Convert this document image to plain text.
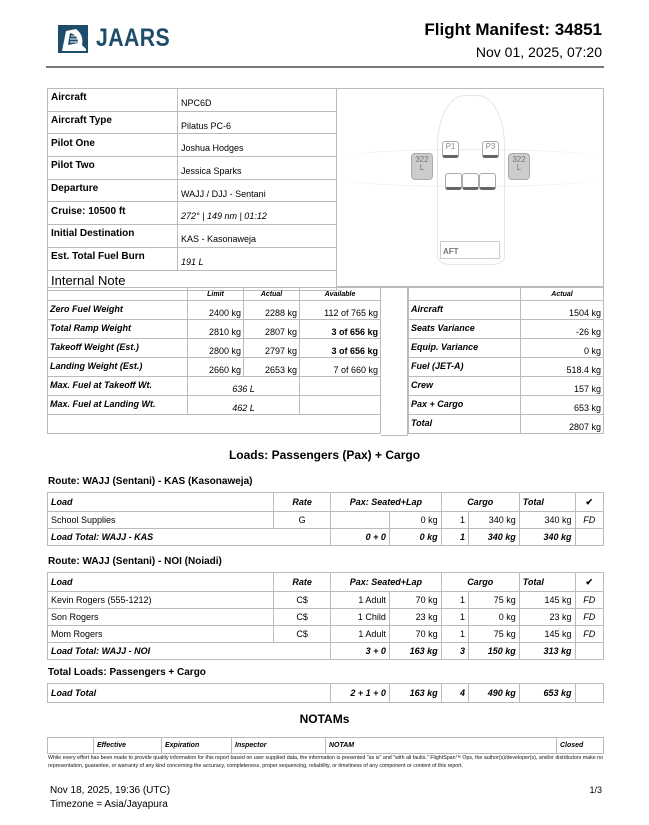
JAARS	Flight Manifest: 34851
Nov 01, 2025, 07:20
Aircraft	NPC6D
Aircraft Type	Pilatus PC-6
Pilot One	Joshua Hodges
Pilot Two	Jessica Sparks
Departure	WAJJ / DJJ - Sentani
Cruise: 10500 ft	272° | 149 nm | 01:12
Initial Destination	KAS - Kasonaweja
Est. Total Fuel Burn	191 L
Internal Note	
322
L
322
L
P1	P3
AFT
	Limit	Actual	Available
Zero Fuel Weight	2400 kg	2288 kg	112 of 765 kg
Total Ramp Weight	2810 kg	2807 kg	3 of 656 kg
Takeoff Weight (Est.)	2800 kg	2797 kg	3 of 656 kg
Landing Weight (Est.)	2660 kg	2653 kg	7 of 660 kg
Max. Fuel at Takeoff Wt.	636 L		
Max. Fuel at Landing Wt.	462 L		

	Actual
Aircraft	1504 kg
Seats Variance	-26 kg
Equip. Variance	0 kg
Fuel (JET-A)	518.4 kg
Crew	157 kg
Pax + Cargo	653 kg
Total	2807 kg
Loads: Passengers (Pax) + Cargo
Route: WAJJ (Sentani) - KAS (Kasonaweja)
Load	Rate	Pax: Seated+Lap		Cargo		Total	✔
School Supplies	G		0 kg	1	340 kg	340 kg	FD
Load Total: WAJJ - KAS		0 + 0	0 kg	1	340 kg	340 kg	
Route: WAJJ (Sentani) - NOI (Noiadi)
Load	Rate	Pax: Seated+Lap		Cargo		Total	✔
Kevin Rogers (555-1212)	C$	1 Adult	70 kg	1	75 kg	145 kg	FD
Son Rogers	C$	1 Child	23 kg	1	0 kg	23 kg	FD
Mom Rogers	C$	1 Adult	70 kg	1	75 kg	145 kg	FD
Load Total: WAJJ - NOI		3 + 0	163 kg	3	150 kg	313 kg	
Total Loads: Passengers + Cargo
Load Total	2 + 1 + 0	163 kg	4	490 kg	653 kg	
NOTAMs
	Effective	Expiration	Inspector	NOTAM	Closed
While every effort has been made to provide quality information for this report based on user supplied data, the information is presented "as is" and "with all faults." FlightSpan™ Ops, the author(s)/developer(s), and/or distributors make no representation, guarantee, or warranty of any kind concerning the accuracy, completeness, proper sequencing, reliability, or timeliness of any component or content of this report.
Nov 18, 2025, 19:36 (UTC)	1/3
Timezone = Asia/Jayapura
